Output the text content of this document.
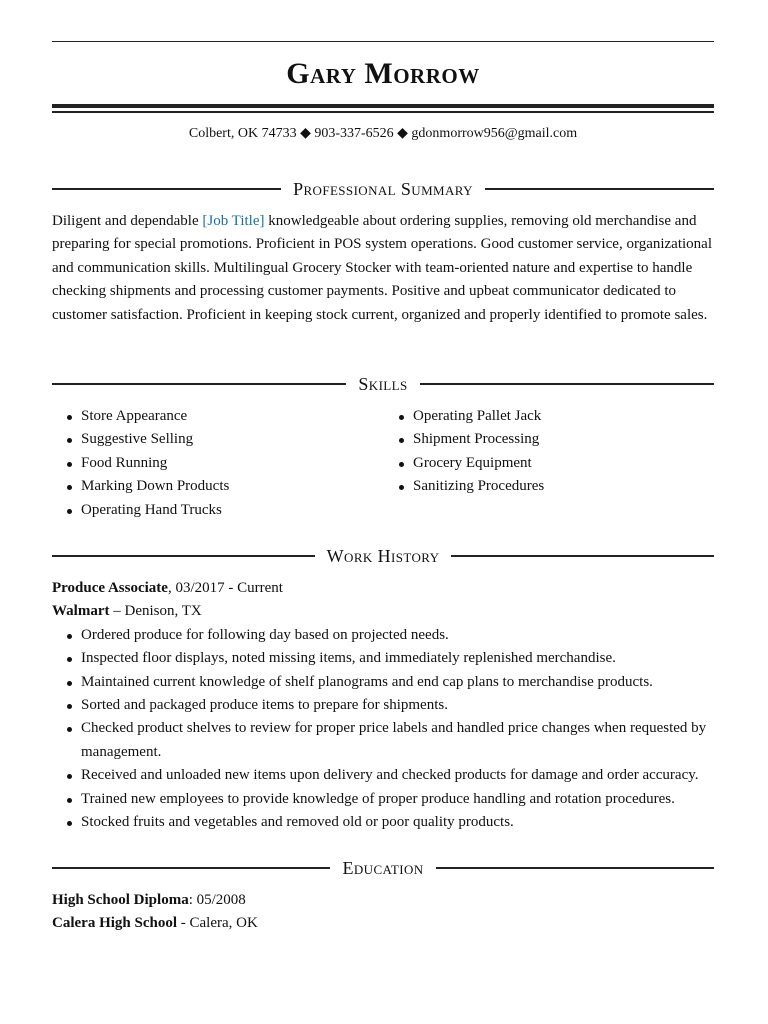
Gary Morrow
Colbert, OK 74733 ◆ 903-337-6526 ◆ gdonmorrow956@gmail.com
Professional Summary

Diligent and dependable [Job Title] knowledgeable about ordering supplies, removing old merchandise and preparing for special promotions. Proficient in POS system operations. Good customer service, organizational and communication skills. Multilingual Grocery Stocker with team-oriented nature and expertise to handle checking shipments and processing customer payments. Positive and upbeat communicator dedicated to customer satisfaction. Proficient in keeping stock current, organized and properly identified to promote sales.

Skills
Store Appearance
Suggestive Selling
Food Running
Marking Down Products
Operating Hand Trucks
Operating Pallet Jack
Shipment Processing
Grocery Equipment
Sanitizing Procedures
Work History

Produce Associate, 03/2017 - Current

Walmart – Denison, TX

Ordered produce for following day based on projected needs.
Inspected floor displays, noted missing items, and immediately replenished merchandise.
Maintained current knowledge of shelf planograms and end cap plans to merchandise products.
Sorted and packaged produce items to prepare for shipments.
Checked product shelves to review for proper price labels and handled price changes when requested by management.
Received and unloaded new items upon delivery and checked products for damage and order accuracy.
Trained new employees to provide knowledge of proper produce handling and rotation procedures.
Stocked fruits and vegetables and removed old or poor quality products.
Education

High School Diploma: 05/2008

Calera High School - Calera, OK
